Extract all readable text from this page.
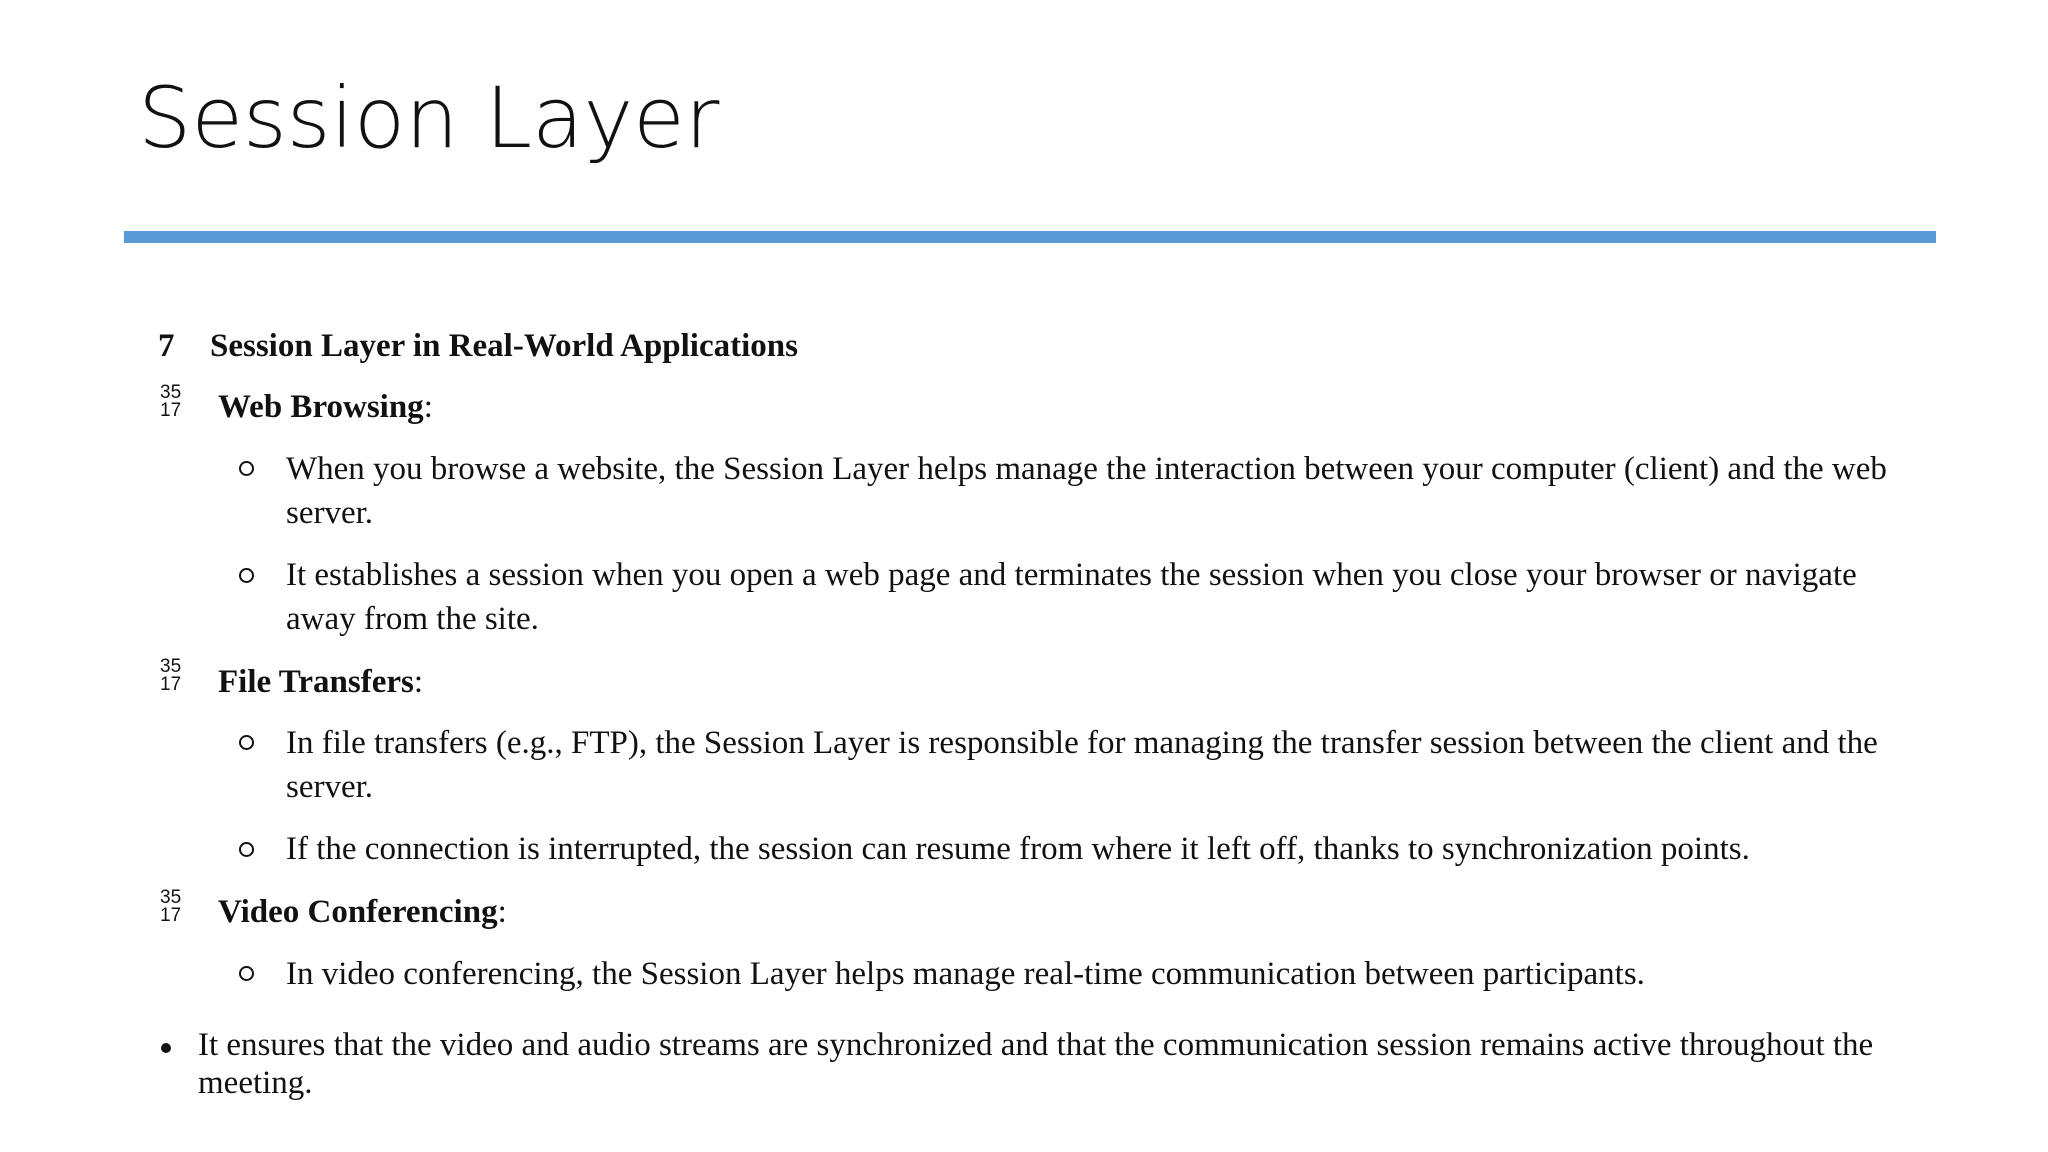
Session Layer
7 Session Layer in Real-World Applications
35
17 Web Browsing:
When you browse a website, the Session Layer helps manage the interaction between your computer (client) and the web server.
It establishes a session when you open a web page and terminates the session when you close your browser or navigate away from the site.
35
17 File Transfers:
In file transfers (e.g., FTP), the Session Layer is responsible for managing the transfer session between the client and the server.
If the connection is interrupted, the session can resume from where it left off, thanks to synchronization points.
35
17 Video Conferencing:
In video conferencing, the Session Layer helps manage real-time communication between participants.
It ensures that the video and audio streams are synchronized and that the communication session remains active throughout the meeting.
